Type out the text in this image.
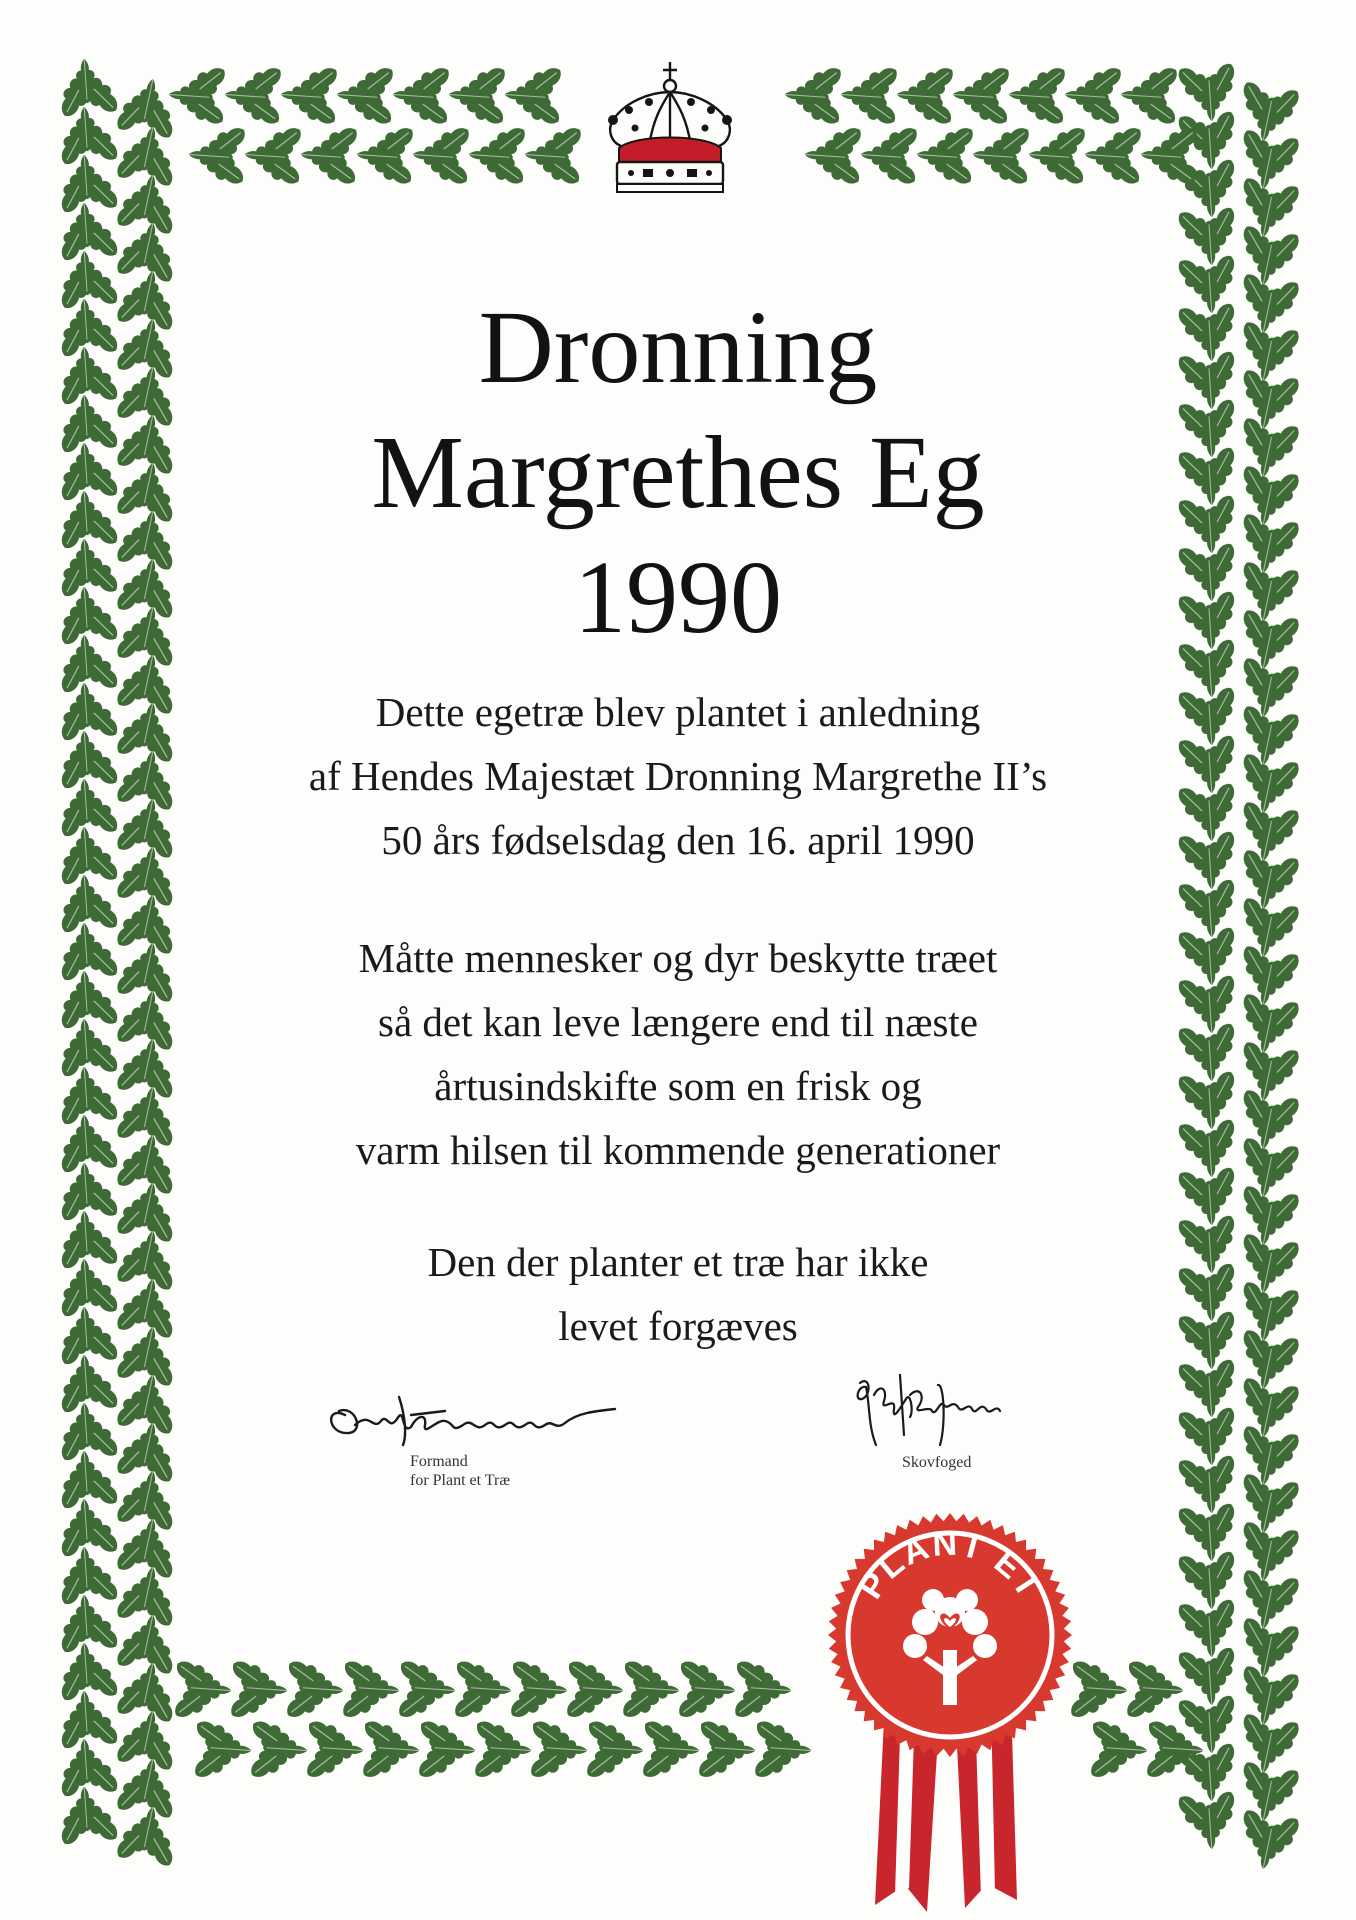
Dronning
Margrethes Eg
1990

Dette egetræ blev plantet i anledning
af Hendes Majestæt Dronning Margrethe II’s
50 års fødselsdag den 16. april 1990

Måtte mennesker og dyr beskytte træet
så det kan leve længere end til næste
årtusindskifte som en frisk og
varm hilsen til kommende generationer

Den der planter et træ har ikke
levet forgæves

Formand
for Plant et Træ
Skovfoged
PLANT ET
